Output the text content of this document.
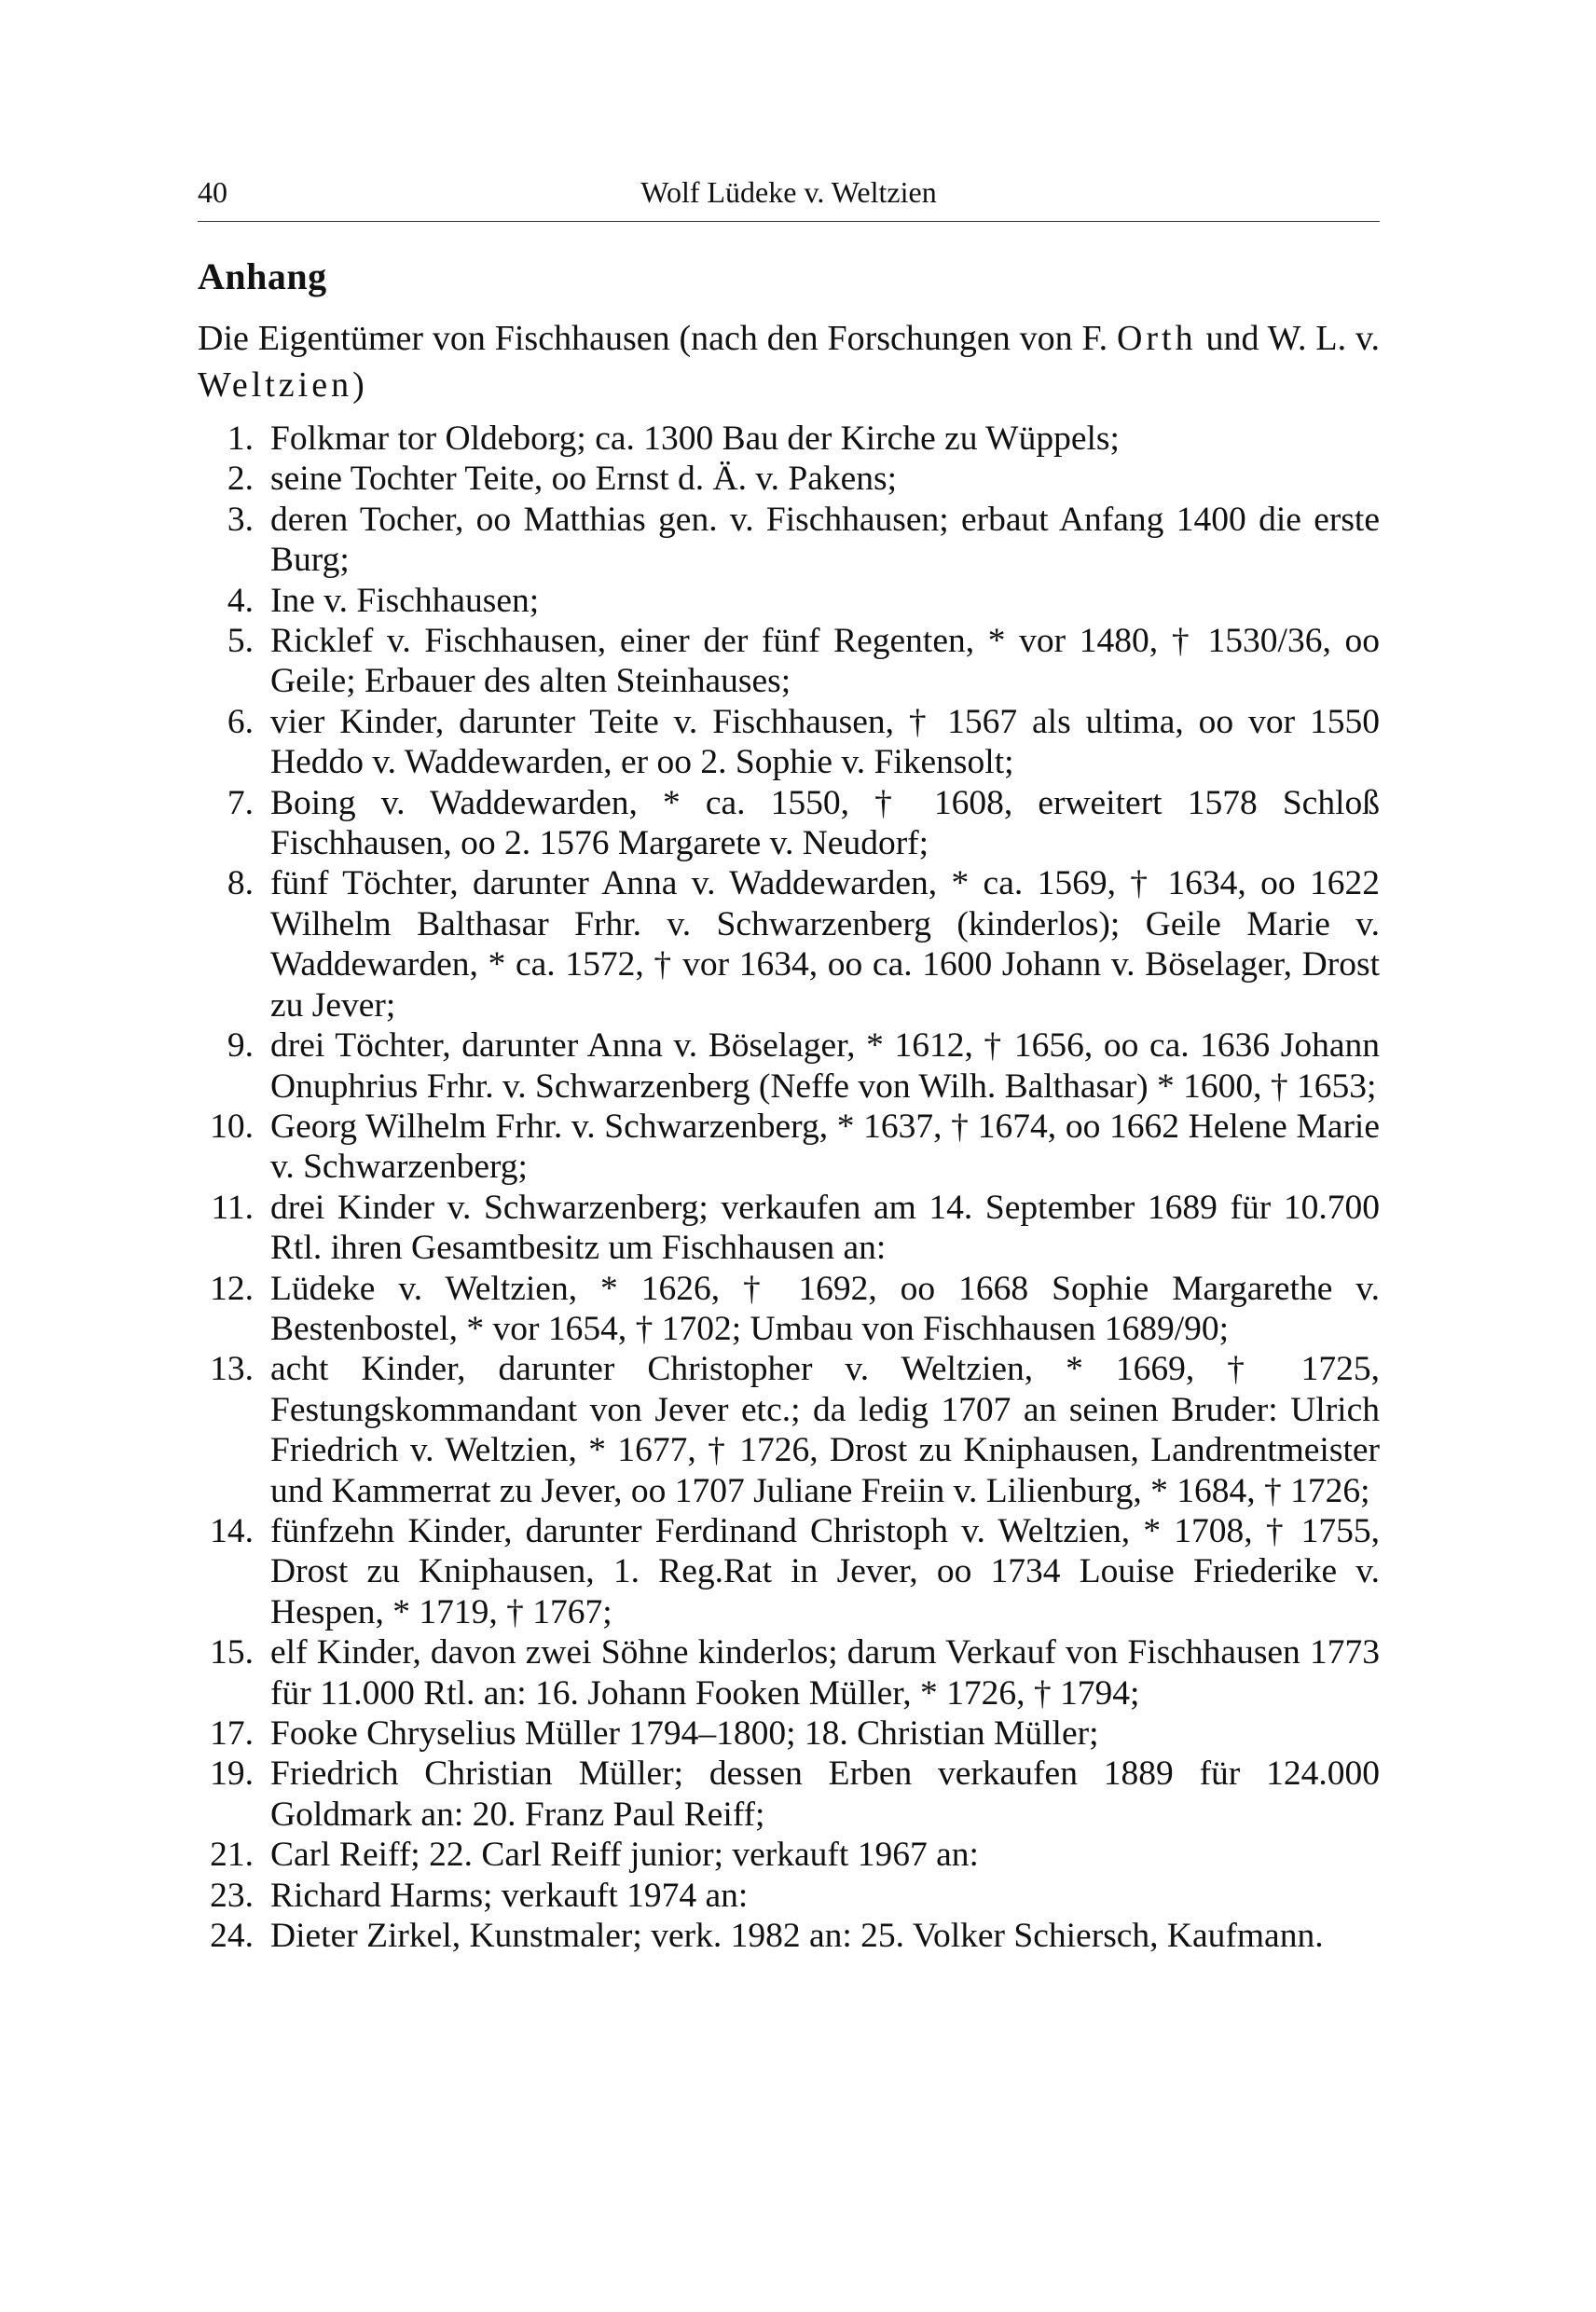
40	Wolf Lüdeke v. Weltzien
Anhang
Die Eigentümer von Fischhausen (nach den Forschungen von F. Orth und W. L. v. Weltzien)
1. Folkmar tor Oldeborg; ca. 1300 Bau der Kirche zu Wüppels;
2. seine Tochter Teite, oo Ernst d. Ä. v. Pakens;
3. deren Tocher, oo Matthias gen. v. Fischhausen; erbaut Anfang 1400 die erste Burg;
4. Ine v. Fischhausen;
5. Ricklef v. Fischhausen, einer der fünf Regenten, * vor 1480, † 1530/36, oo Geile; Erbauer des alten Steinhauses;
6. vier Kinder, darunter Teite v. Fischhausen, † 1567 als ultima, oo vor 1550 Heddo v. Waddewarden, er oo 2. Sophie v. Fikensolt;
7. Boing v. Waddewarden, * ca. 1550, † 1608, erweitert 1578 Schloß Fischhausen, oo 2. 1576 Margarete v. Neudorf;
8. fünf Töchter, darunter Anna v. Waddewarden, * ca. 1569, † 1634, oo 1622 Wilhelm Balthasar Frhr. v. Schwarzenberg (kinderlos); Geile Marie v. Waddewarden, * ca. 1572, † vor 1634, oo ca. 1600 Johann v. Böselager, Drost zu Jever;
9. drei Töchter, darunter Anna v. Böselager, * 1612, † 1656, oo ca. 1636 Johann Onuphrius Frhr. v. Schwarzenberg (Neffe von Wilh. Balthasar) * 1600, † 1653;
10. Georg Wilhelm Frhr. v. Schwarzenberg, * 1637, † 1674, oo 1662 Helene Marie v. Schwarzenberg;
11. drei Kinder v. Schwarzenberg; verkaufen am 14. September 1689 für 10.700 Rtl. ihren Gesamtbesitz um Fischhausen an:
12. Lüdeke v. Weltzien, * 1626, † 1692, oo 1668 Sophie Margarethe v. Bestenbostel, * vor 1654, † 1702; Umbau von Fischhausen 1689/90;
13. acht Kinder, darunter Christopher v. Weltzien, * 1669, † 1725, Festungskommandant von Jever etc.; da ledig 1707 an seinen Bruder: Ulrich Friedrich v. Weltzien, * 1677, † 1726, Drost zu Kniphausen, Landrentmeister und Kammerrat zu Jever, oo 1707 Juliane Freiin v. Lilienburg, * 1684, † 1726;
14. fünfzehn Kinder, darunter Ferdinand Christoph v. Weltzien, * 1708, † 1755, Drost zu Kniphausen, 1. Reg.Rat in Jever, oo 1734 Louise Friederike v. Hespen, * 1719, † 1767;
15. elf Kinder, davon zwei Söhne kinderlos; darum Verkauf von Fischhausen 1773 für 11.000 Rtl. an: 16. Johann Fooken Müller, * 1726, † 1794;
17. Fooke Chryselius Müller 1794–1800; 18. Christian Müller;
19. Friedrich Christian Müller; dessen Erben verkaufen 1889 für 124.000 Goldmark an: 20. Franz Paul Reiff;
21. Carl Reiff; 22. Carl Reiff junior; verkauft 1967 an:
23. Richard Harms; verkauft 1974 an:
24. Dieter Zirkel, Kunstmaler; verk. 1982 an: 25. Volker Schiersch, Kaufmann.
